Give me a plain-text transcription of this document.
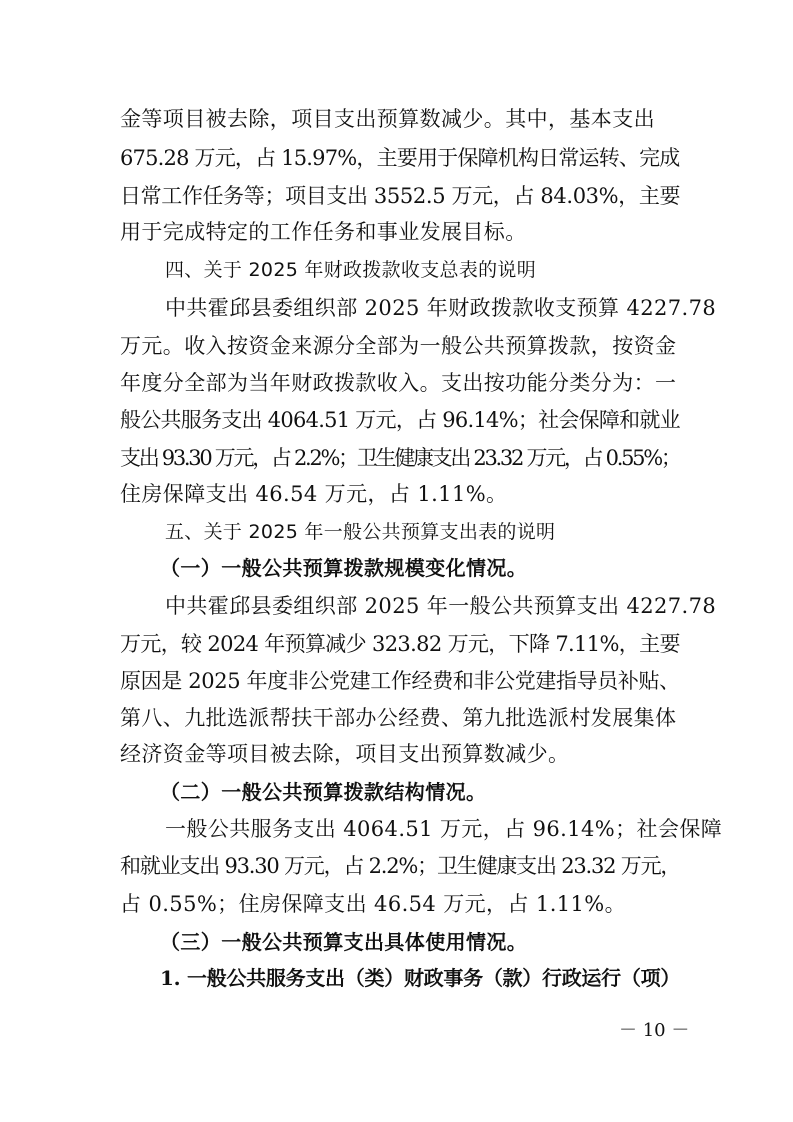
金等项目被去除，项目支出预算数减少。其中，基本支出
675.28 万元，占 15.97%，主要用于保障机构日常运转、完成
日常工作任务等；项目支出 3552.5 万元，占 84.03%，主要
用于完成特定的工作任务和事业发展目标。
四、关于 2025 年财政拨款收支总表的说明
中共霍邱县委组织部 2025 年财政拨款收支预算 4227.78
万元。收入按资金来源分全部为一般公共预算拨款，按资金
年度分全部为当年财政拨款收入。支出按功能分类分为：一
般公共服务支出 4064.51 万元，占 96.14%；社会保障和就业
支出 93.30 万元，占 2.2%；卫生健康支出 23.32 万元，占 0.55%；
住房保障支出 46.54 万元，占 1.11%。
五、关于 2025 年一般公共预算支出表的说明
（一）一般公共预算拨款规模变化情况。
中共霍邱县委组织部 2025 年一般公共预算支出 4227.78
万元，较 2024 年预算减少 323.82 万元，下降 7.11%，主要
原因是 2025 年度非公党建工作经费和非公党建指导员补贴、
第八、九批选派帮扶干部办公经费、第九批选派村发展集体
经济资金等项目被去除，项目支出预算数减少。
（二）一般公共预算拨款结构情况。
一般公共服务支出 4064.51 万元，占 96.14%；社会保障
和就业支出 93.30 万元，占 2.2%；卫生健康支出 23.32 万元，
占 0.55%；住房保障支出 46.54 万元，占 1.11%。
（三）一般公共预算支出具体使用情况。
1. 一般公共服务支出（类）财政事务（款）行政运行（项）
－ 10 －
